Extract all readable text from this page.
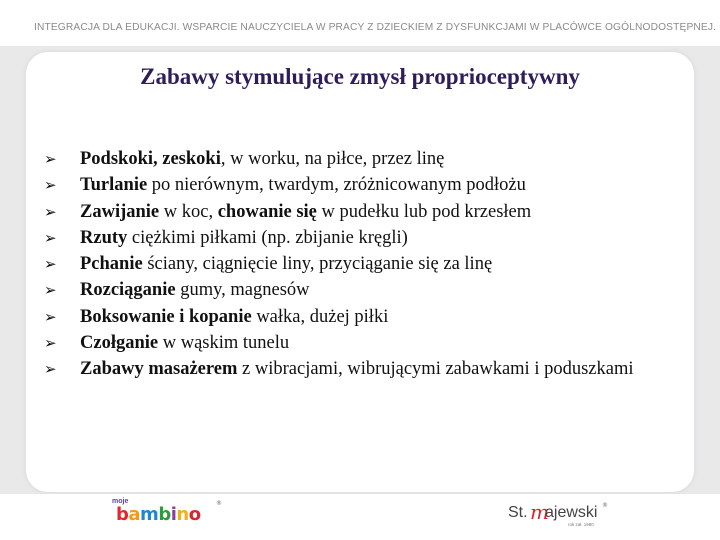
INTEGRACJA DLA EDUKACJI. WSPARCIE NAUCZYCIELA W PRACY Z DZIECKIEM Z DYSFUNKCJAMI W PLACÓWCE OGÓLNODOSTĘPNEJ.
Zabawy stymulujące zmysł proprioceptywny
➢ Podskoki, zeskoki, w worku, na piłce, przez linę
➢ Turlanie po nierównym, twardym, zróżnicowanym podłożu
➢ Zawijanie w koc, chowanie się w pudełku lub pod krzesłem
➢ Rzuty ciężkimi piłkami (np. zbijanie kręgli)
➢ Pchanie ściany, ciągnięcie liny, przyciąganie się za linę
➢ Rozciąganie gumy, magnesów
➢ Boksowanie i kopanie wałka, dużej piłki
➢ Czołganie w wąskim tunelu
➢ Zabawy masażerem z wibracjami, wibrującymi zabawkami i poduszkami
moje
bambino
®
St. m
ajewski
rok zał. 1980
®
